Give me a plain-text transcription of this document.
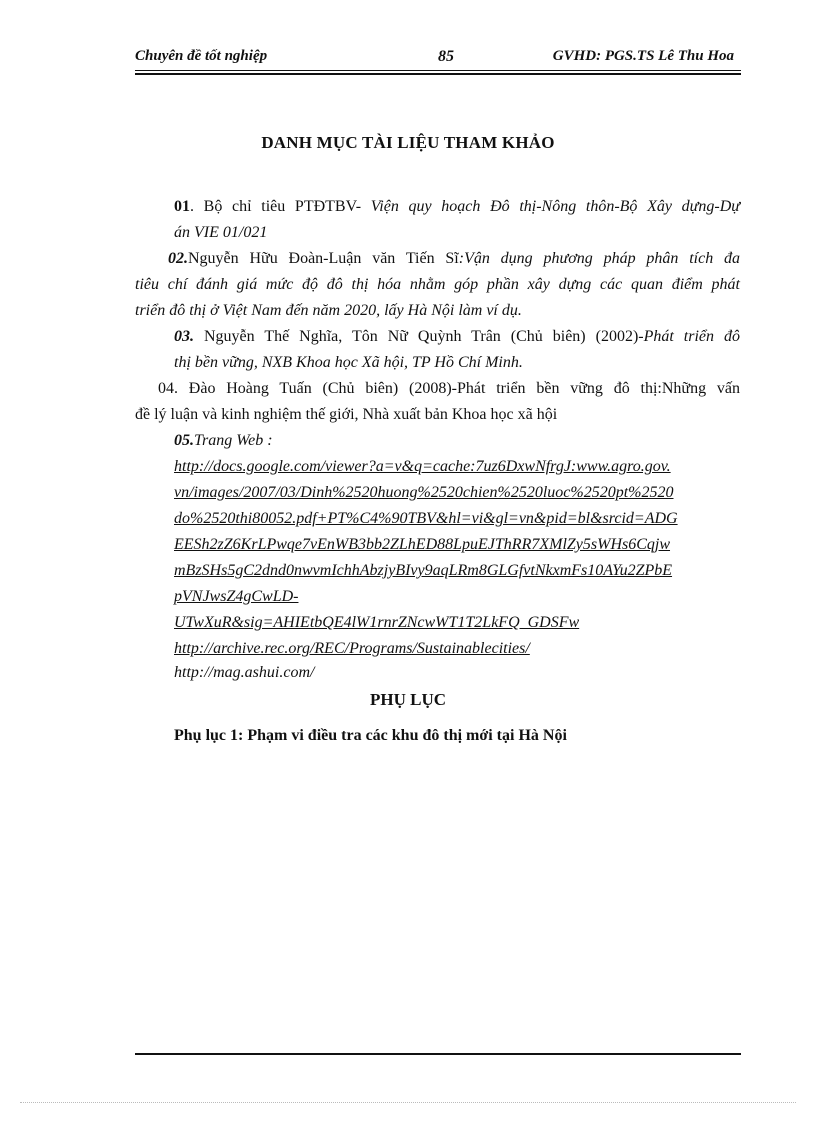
Chuyên đề tốt nghiệp	85	GVHD: PGS.TS Lê Thu Hoa
DANH MỤC TÀI LIỆU THAM KHẢO
01. Bộ chỉ tiêu PTĐTBV- Viện quy hoạch Đô thị-Nông thôn-Bộ Xây dựng-Dự
án VIE 01/021
02.Nguyễn Hữu Đoàn-Luận văn Tiến Sĩ:Vận dụng phương pháp phân tích đa
tiêu chí đánh giá mức độ đô thị hóa nhằm góp phần xây dựng các quan điểm phát
triển đô thị ở Việt Nam đến năm 2020, lấy Hà Nội làm ví dụ.
03. Nguyễn Thế Nghĩa, Tôn Nữ Quỳnh Trân (Chủ biên) (2002)-Phát triển đô
thị bền vững, NXB Khoa học Xã hội, TP Hồ Chí Minh.
04. Đào Hoàng Tuấn (Chủ biên) (2008)-Phát triển bền vững đô thị:Những vấn
đề lý luận và kinh nghiệm thế giới, Nhà xuất bản Khoa học xã hội
05.Trang Web :
http://docs.google.com/viewer?a=v&q=cache:7uz6DxwNfrgJ:www.agro.gov.
vn/images/2007/03/Dinh%2520huong%2520chien%2520luoc%2520pt%2520
do%2520thi80052.pdf+PT%C4%90TBV&hl=vi&gl=vn&pid=bl&srcid=ADG
EESh2zZ6KrLPwqe7vEnWB3bb2ZLhED88LpuEJThRR7XMlZy5sWHs6Cqjw
mBzSHs5gC2dnd0nwvmIchhAbzjyBIvy9aqLRm8GLGfvtNkxmFs10AYu2ZPbE
pVNJwsZ4gCwLD-
UTwXuR&sig=AHIEtbQE4lW1rnrZNcwWT1T2LkFQ_GDSFw
http://archive.rec.org/REC/Programs/Sustainablecities/
http://mag.ashui.com/
PHỤ LỤC
Phụ lục 1: Phạm vi điều tra các khu đô thị mới tại Hà Nội
